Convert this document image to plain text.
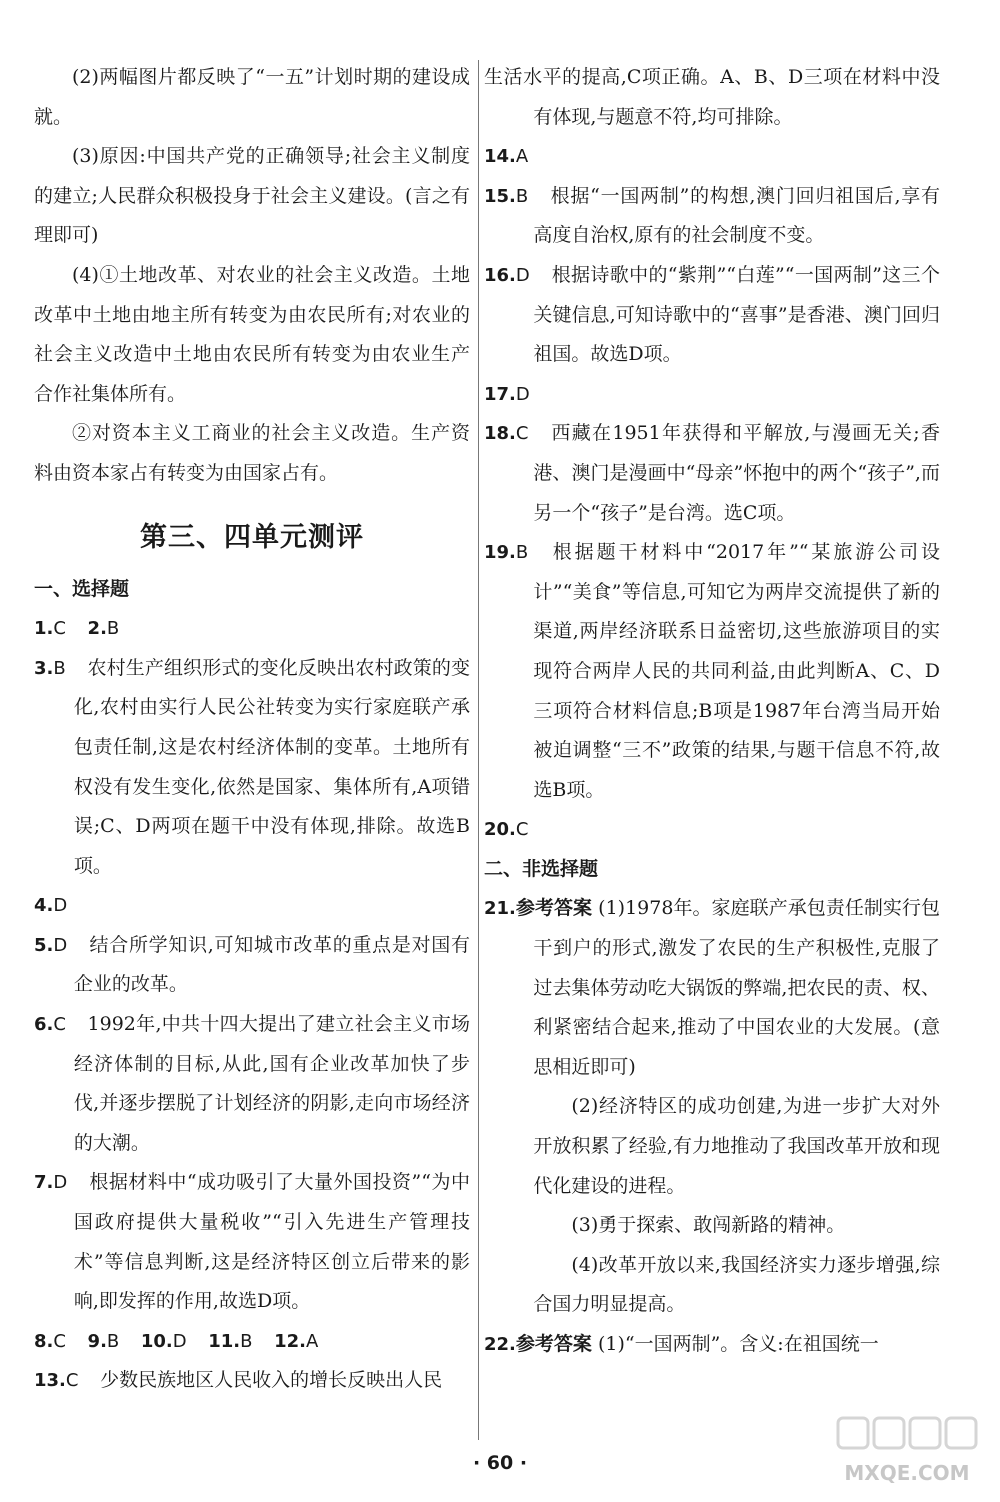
(2)两幅图片都反映了“一五”计划时期的建设成就。

(3)原因:中国共产党的正确领导;社会主义制度的建立;人民群众积极投身于社会主义建设。(言之有理即可)

(4)①土地改革、对农业的社会主义改造。土地改革中土地由地主所有转变为由农民所有;对农业的社会主义改造中土地由农民所有转变为由农业生产合作社集体所有。

②对资本主义工商业的社会主义改造。生产资料由资本家占有转变为由国家占有。

第三、四单元测评

一、选择题

1.C 2.B

3.B 农村生产组织形式的变化反映出农村政策的变化,农村由实行人民公社转变为实行家庭联产承包责任制,这是农村经济体制的变革。土地所有权没有发生变化,依然是国家、集体所有,A项错误;C、D两项在题干中没有体现,排除。故选B项。

4.D

5.D 结合所学知识,可知城市改革的重点是对国有企业的改革。

6.C 1992年,中共十四大提出了建立社会主义市场经济体制的目标,从此,国有企业改革加快了步伐,并逐步摆脱了计划经济的阴影,走向市场经济的大潮。

7.D 根据材料中“成功吸引了大量外国投资”“为中国政府提供大量税收”“引入先进生产管理技术”等信息判断,这是经济特区创立后带来的影响,即发挥的作用,故选D项。

8.C 9.B 10.D 11.B 12.A

13.C 少数民族地区人民收入的增长反映出人民

生活水平的提高,C项正确。A、B、D三项在材料中没有体现,与题意不符,均可排除。

14.A

15.B 根据“一国两制”的构想,澳门回归祖国后,享有高度自治权,原有的社会制度不变。

16.D 根据诗歌中的“紫荆”“白莲”“一国两制”这三个关键信息,可知诗歌中的“喜事”是香港、澳门回归祖国。故选D项。

17.D

18.C 西藏在1951年获得和平解放,与漫画无关;香港、澳门是漫画中“母亲”怀抱中的两个“孩子”,而另一个“孩子”是台湾。选C项。

19.B 根据题干材料中“2017年”“某旅游公司设计”“美食”等信息,可知它为两岸交流提供了新的渠道,两岸经济联系日益密切,这些旅游项目的实现符合两岸人民的共同利益,由此判断A、C、D三项符合材料信息;B项是1987年台湾当局开始被迫调整“三不”政策的结果,与题干信息不符,故选B项。

20.C

二、非选择题

21.参考答案 (1)1978年。家庭联产承包责任制实行包干到户的形式,激发了农民的生产积极性,克服了过去集体劳动吃大锅饭的弊端,把农民的责、权、利紧密结合起来,推动了中国农业的大发展。(意思相近即可)

(2)经济特区的成功创建,为进一步扩大对外开放积累了经验,有力地推动了我国改革开放和现代化建设的进程。

(3)勇于探索、敢闯新路的精神。

(4)改革开放以来,我国经济实力逐步增强,综合国力明显提高。

22.参考答案 (1)“一国两制”。含义:在祖国统一

· 60 ·	MXQE.COM
